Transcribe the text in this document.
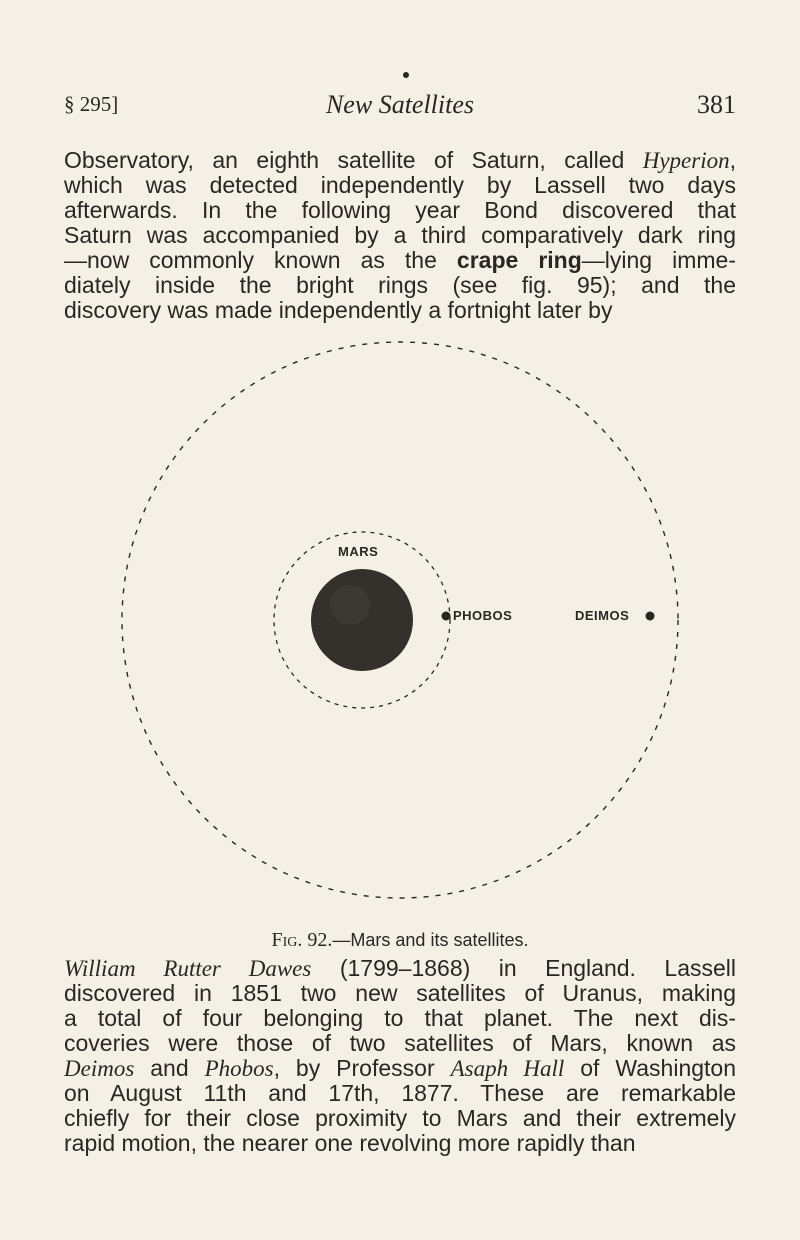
§ 295]	New Satellites	381
Observatory, an eighth satellite of Saturn, called Hyperion,
which was detected independently by Lassell two days
afterwards. In the following year Bond discovered that
Saturn was accompanied by a third comparatively dark ring
—now commonly known as the crape ring—lying imme-
diately inside the bright rings (see fig. 95); and the
discovery was made independently a fortnight later by
MARS
PHOBOS	DEIMOS
Fig. 92.—Mars and its satellites.
William Rutter Dawes (1799–1868) in England. Lassell
discovered in 1851 two new satellites of Uranus, making
a total of four belonging to that planet. The next dis-
coveries were those of two satellites of Mars, known as
Deimos and Phobos, by Professor Asaph Hall of Washington
on August 11th and 17th, 1877. These are remarkable
chiefly for their close proximity to Mars and their extremely
rapid motion, the nearer one revolving more rapidly than
